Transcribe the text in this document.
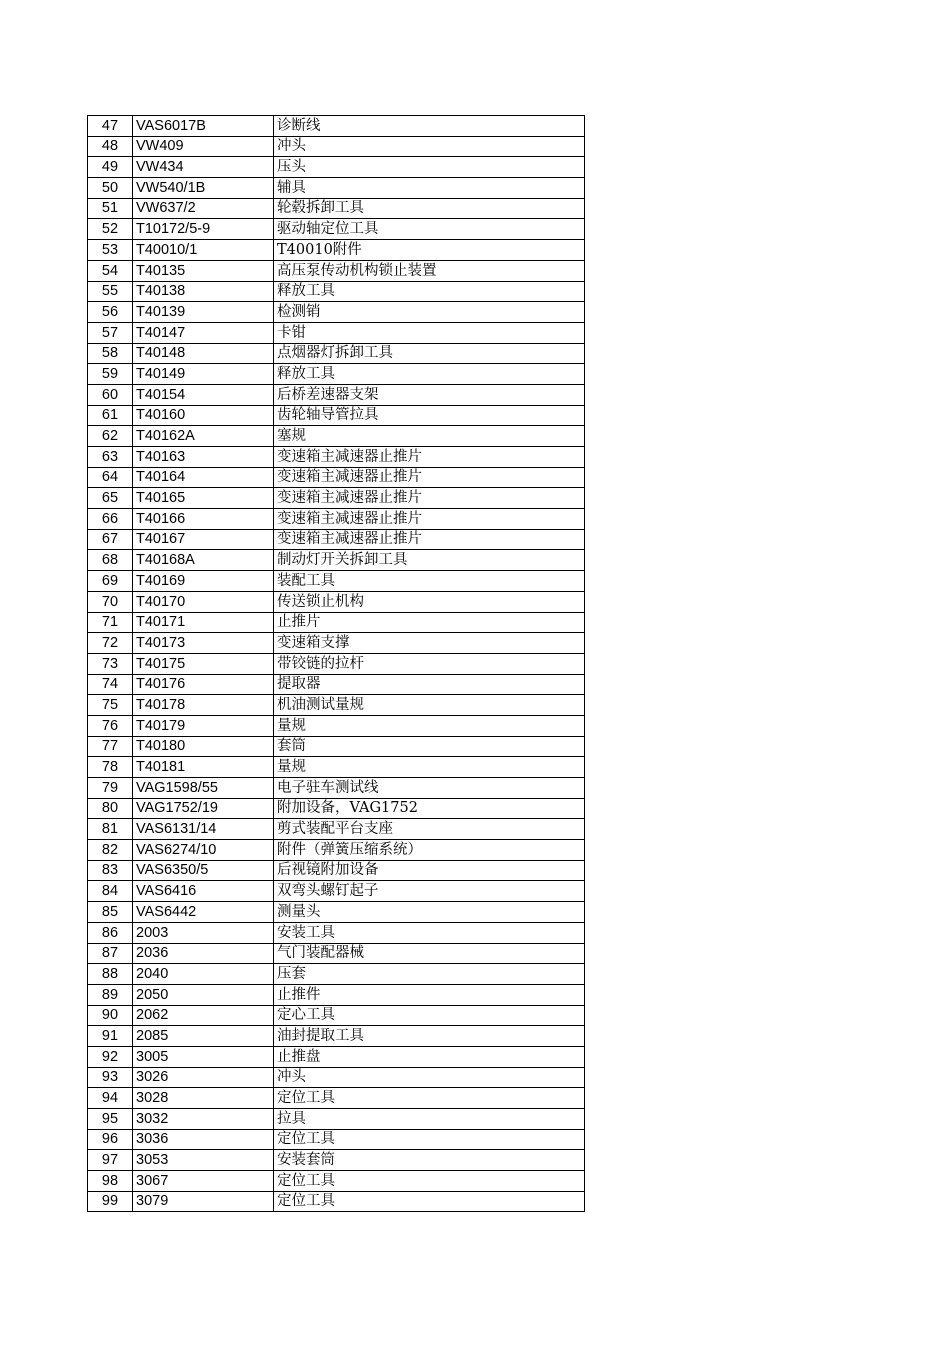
47	VAS6017B	诊断线
48	VW409	冲头
49	VW434	压头
50	VW540/1B	辅具
51	VW637/2	轮毂拆卸工具
52	T10172/5-9	驱动轴定位工具
53	T40010/1	T40010附件
54	T40135	高压泵传动机构锁止装置
55	T40138	释放工具
56	T40139	检测销
57	T40147	卡钳
58	T40148	点烟器灯拆卸工具
59	T40149	释放工具
60	T40154	后桥差速器支架
61	T40160	齿轮轴导管拉具
62	T40162A	塞规
63	T40163	变速箱主减速器止推片
64	T40164	变速箱主减速器止推片
65	T40165	变速箱主减速器止推片
66	T40166	变速箱主减速器止推片
67	T40167	变速箱主减速器止推片
68	T40168A	制动灯开关拆卸工具
69	T40169	装配工具
70	T40170	传送锁止机构
71	T40171	止推片
72	T40173	变速箱支撑
73	T40175	带铰链的拉杆
74	T40176	提取器
75	T40178	机油测试量规
76	T40179	量规
77	T40180	套筒
78	T40181	量规
79	VAG1598/55	电子驻车测试线
80	VAG1752/19	附加设备，VAG1752
81	VAS6131/14	剪式装配平台支座
82	VAS6274/10	附件（弹簧压缩系统）
83	VAS6350/5	后视镜附加设备
84	VAS6416	双弯头螺钉起子
85	VAS6442	测量头
86	2003	安装工具
87	2036	气门装配器械
88	2040	压套
89	2050	止推件
90	2062	定心工具
91	2085	油封提取工具
92	3005	止推盘
93	3026	冲头
94	3028	定位工具
95	3032	拉具
96	3036	定位工具
97	3053	安装套筒
98	3067	定位工具
99	3079	定位工具
